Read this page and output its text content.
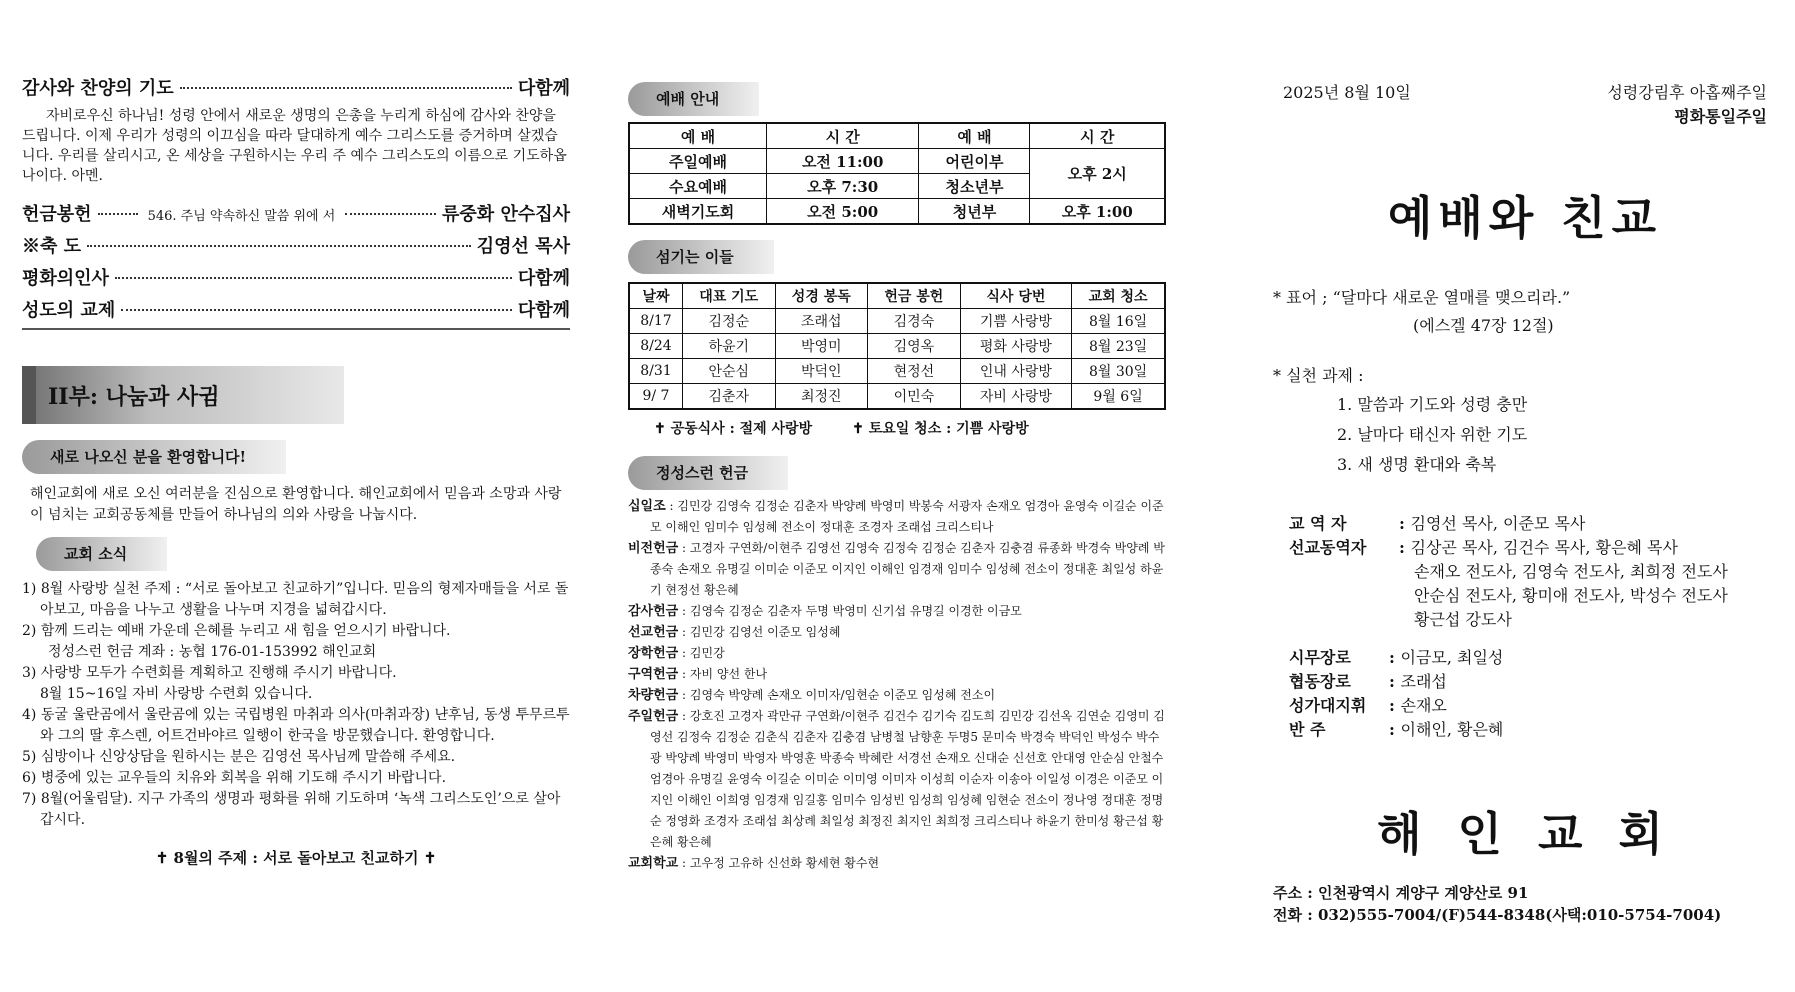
감사와 찬양의 기도	다함께
자비로우신 하나님! 성령 안에서 새로운 생명의 은총을 누리게 하심에 감사와 찬양을 드립니다. 이제 우리가 성령의 이끄심을 따라 달대하게 예수 그리스도를 증거하며 살겠습니다. 우리를 살리시고, 온 세상을 구원하시는 우리 주 예수 그리스도의 이름으로 기도하옵나이다. 아멘.
헌금봉헌	546. 주님 약속하신 말씀 위에 서	류중화 안수집사
※축 도	김영선 목사
평화의인사	다함께
성도의 교제	다함께
II부: 나눔과 사귐
새로 나오신 분을 환영합니다!
해인교회에 새로 오신 여러분을 진심으로 환영합니다. 해인교회에서 믿음과 소망과 사랑이 넘치는 교회공동체를 만들어 하나님의 의와 사랑을 나눕시다.
교회 소식
1) 8월 사랑방 실천 주제 : “서로 돌아보고 친교하기”입니다. 믿음의 형제자매들을 서로 돌아보고, 마음을 나누고 생활을 나누며 지경을 넓혀갑시다.
2) 함께 드리는 예배 가운데 은혜를 누리고 새 힘을 얻으시기 바랍니다.
정성스런 헌금 계좌 : 농협 176-01-153992 해인교회
3) 사랑방 모두가 수련회를 계획하고 진행해 주시기 바랍니다.
8월 15~16일 자비 사랑방 수련회 있습니다.
4) 동굴 울란곰에서 울란곰에 있는 국립병원 마취과 의사(마취과장) 냔후님, 동생 투무르투와 그의 딸 후스렌, 어트건바야르 일행이 한국을 방문했습니다. 환영합니다.
5) 심방이나 신앙상담을 원하시는 분은 김영선 목사님께 말씀해 주세요.
6) 병중에 있는 교우들의 치유와 회복을 위해 기도해 주시기 바랍니다.
7) 8월(어울림달). 지구 가족의 생명과 평화를 위해 기도하며 ‘녹색 그리스도인’으로 살아갑시다.
✝ 8월의 주제 : 서로 돌아보고 친교하기 ✝
예배 안내
예 배	시 간	예 배	시 간
주일예배	오전 11:00	어린이부	오후 2시
수요예배	오후 7:30	청소년부	
새벽기도회	오전 5:00	청년부	오후 1:00
섬기는 이들
날짜	대표 기도	성경 봉독	헌금 봉헌	식사 당번	교회 청소
8/17	김정순	조래섭	김경숙	기쁨 사랑방	8월 16일
8/24	하윤기	박영미	김영옥	평화 사랑방	8월 23일
8/31	안순심	박덕인	현정선	인내 사랑방	8월 30일
9/ 7	김춘자	최정진	이민숙	자비 사랑방	9월 6일
✝ 공동식사 : 절제 사랑방	✝ 토요일 청소 : 기쁨 사랑방
정성스런 헌금
십일조 : 김민강 김영숙 김정순 김춘자 박양례 박영미 박봉숙 서광자 손재오 엄경아 윤영숙 이길순 이준모 이해인 임미수 임성혜 전소이 정대훈 조경자 조래섭 크리스티나
비전헌금 : 고경자 구연화/이현주 김영선 김영숙 김정숙 김정순 김춘자 김충겸 류종화 박경숙 박양례 박종숙 손재오 유명길 이미순 이준모 이지인 이해인 임경재 임미수 임성혜 전소이 정대훈 최일성 하윤기 현정선 황은혜
감사헌금 : 김영숙 김정순 김춘자 두명 박영미 신기섭 유명길 이경한 이금모
선교헌금 : 김민강 김영선 이준모 임성혜
장학헌금 : 김민강
구역헌금 : 자비 양선 한나
차량헌금 : 김영숙 박양례 손재오 이미자/임현순 이준모 임성혜 전소이
주일헌금 : 강호진 고경자 곽만규 구연화/이현주 김건수 김기숙 김도희 김민강 김선옥 김연순 김영미 김영선 김정숙 김정순 김춘식 김춘자 김충겸 남병철 남향훈 두명5 문미숙 박경숙 박덕인 박성수 박수광 박양례 박영미 박영자 박영훈 박종숙 박혜란 서경선 손재오 신대순 신선호 안대영 안순심 안철수 엄경아 유명길 윤영숙 이길순 이미순 이미영 이미자 이성희 이순자 이송아 이일성 이경은 이준모 이지인 이해인 이희영 임경재 임길홍 임미수 임성빈 임성희 임성혜 임현순 전소이 정나영 정대훈 정명순 정영화 조경자 조래섭 최상례 최일성 최정진 최지인 최희정 크리스티나 하윤기 한미성 황근섭 황은혜 황은혜
교회학교 : 고우정 고유하 신선화 황세현 황수현
2025년 8월 10일	성령강림후 아홉째주일
평화통일주일
예배와 친교
* 표어 ; “달마다 새로운 열매를 맺으리라.”
(에스겔 47장 12절)
* 실천 과제 :
1. 말씀과 기도와 성령 충만
2. 날마다 태신자 위한 기도
3. 새 생명 환대와 축복
교 역 자	: 김영선 목사, 이준모 목사
선교동역자	: 김상곤 목사, 김건수 목사, 황은혜 목사
손재오 전도사, 김영숙 전도사, 최희정 전도사
안순심 전도사, 황미애 전도사, 박성수 전도사
황근섭 강도사
시무장로	: 이금모, 최일성
협동장로	: 조래섭
성가대지휘	: 손재오
반 주	: 이해인, 황은혜
해 인 교 회
주소 : 인천광역시 계양구 계양산로 91
전화 : 032)555-7004/(F)544-8348(사택:010-5754-7004)
